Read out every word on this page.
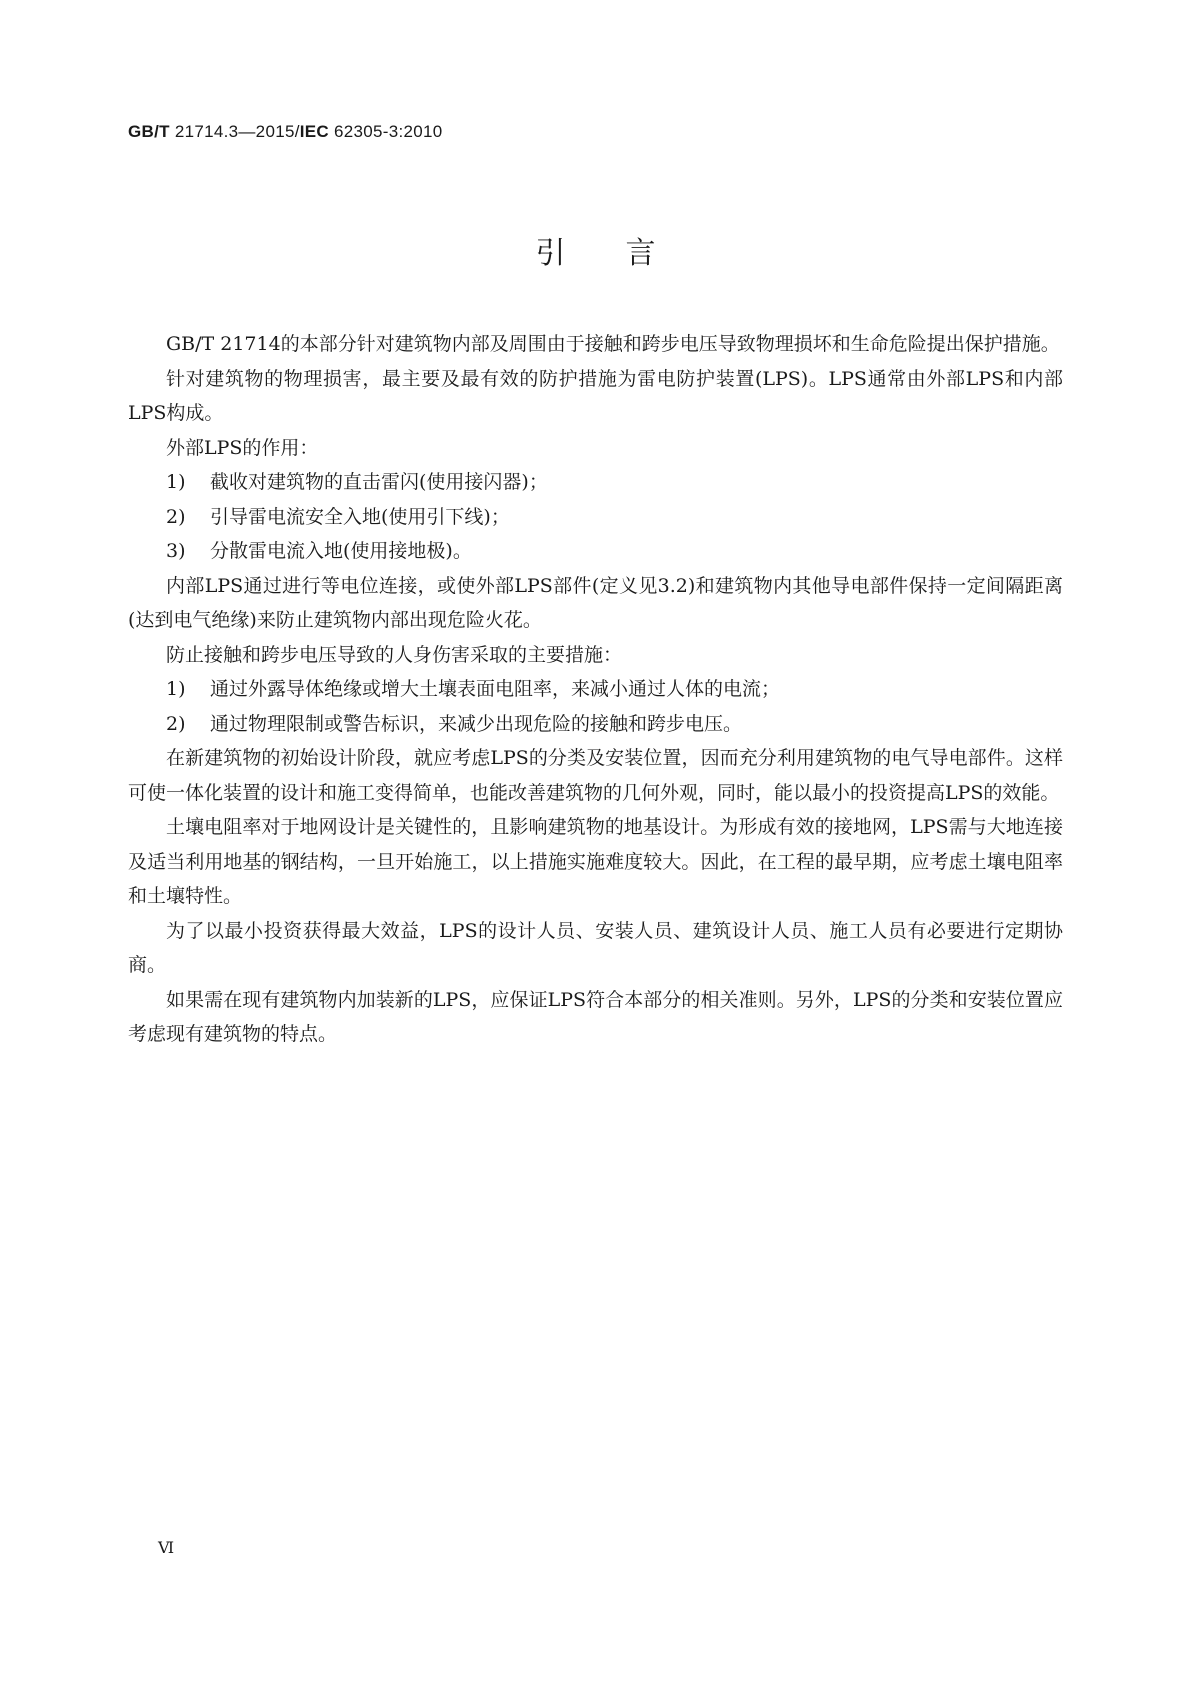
GB/T 21714.3—2015/IEC 62305-3:2010
引言

GB/T 21714的本部分针对建筑物内部及周围由于接触和跨步电压导致物理损坏和生命危险提出保护措施。

针对建筑物的物理损害，最主要及最有效的防护措施为雷电防护装置(LPS)。LPS通常由外部LPS和内部LPS构成。

外部LPS的作用：

1) 截收对建筑物的直击雷闪(使用接闪器)；

2) 引导雷电流安全入地(使用引下线)；

3) 分散雷电流入地(使用接地极)。

内部LPS通过进行等电位连接，或使外部LPS部件(定义见3.2)和建筑物内其他导电部件保持一定间隔距离(达到电气绝缘)来防止建筑物内部出现危险火花。

防止接触和跨步电压导致的人身伤害采取的主要措施：

1) 通过外露导体绝缘或增大土壤表面电阻率，来减小通过人体的电流；

2) 通过物理限制或警告标识，来减少出现危险的接触和跨步电压。

在新建筑物的初始设计阶段，就应考虑LPS的分类及安装位置，因而充分利用建筑物的电气导电部件。这样可使一体化装置的设计和施工变得简单，也能改善建筑物的几何外观，同时，能以最小的投资提高LPS的效能。

土壤电阻率对于地网设计是关键性的，且影响建筑物的地基设计。为形成有效的接地网，LPS需与大地连接及适当利用地基的钢结构，一旦开始施工，以上措施实施难度较大。因此，在工程的最早期，应考虑土壤电阻率和土壤特性。

为了以最小投资获得最大效益，LPS的设计人员、安装人员、建筑设计人员、施工人员有必要进行定期协商。

如果需在现有建筑物内加装新的LPS，应保证LPS符合本部分的相关准则。另外，LPS的分类和安装位置应考虑现有建筑物的特点。

Ⅵ
